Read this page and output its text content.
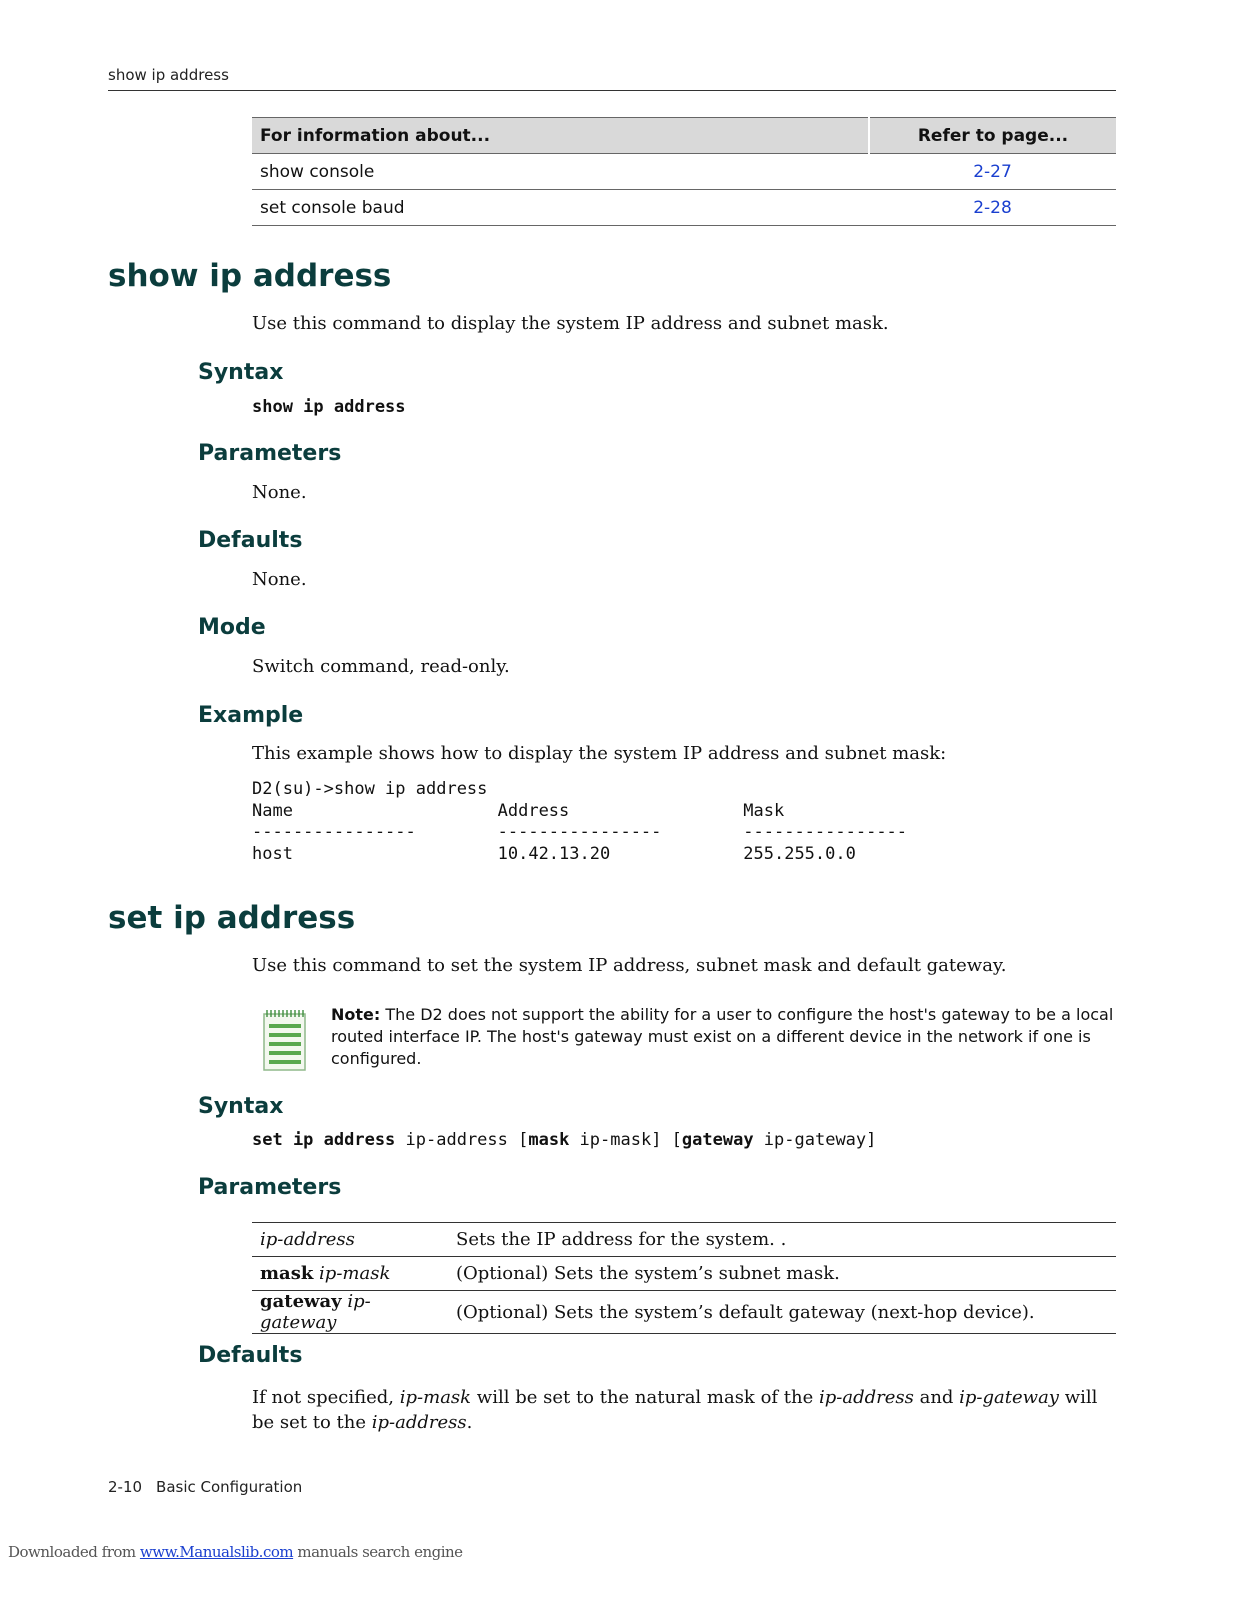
show ip address
For information about...	Refer to page...
show console	2-27
set console baud	2-28
show ip address
Use this command to display the system IP address and subnet mask.
Syntax
show ip address
Parameters
None.
Defaults
None.
Mode
Switch command, read-only.
Example
This example shows how to display the system IP address and subnet mask:
D2(su)->show ip address
Name                    Address                 Mask
----------------        ----------------        ----------------
host                    10.42.13.20             255.255.0.0
set ip address
Use this command to set the system IP address, subnet mask and default gateway.
Note: The D2 does not support the ability for a user to configure the host's gateway to be a local routed interface IP. The host's gateway must exist on a different device in the network if one is configured.
Syntax
set ip address ip-address [mask ip-mask] [gateway ip-gateway]
Parameters
ip-address	Sets the IP address for the system. .
mask ip-mask	(Optional) Sets the system’s subnet mask.
gateway ip-gateway	(Optional) Sets the system’s default gateway (next-hop device).
Defaults
If not specified, ip-mask will be set to the natural mask of the ip-address and ip-gateway will be set to the ip-address.
2-10 Basic Configuration
Downloaded from www.Manualslib.com manuals search engine
